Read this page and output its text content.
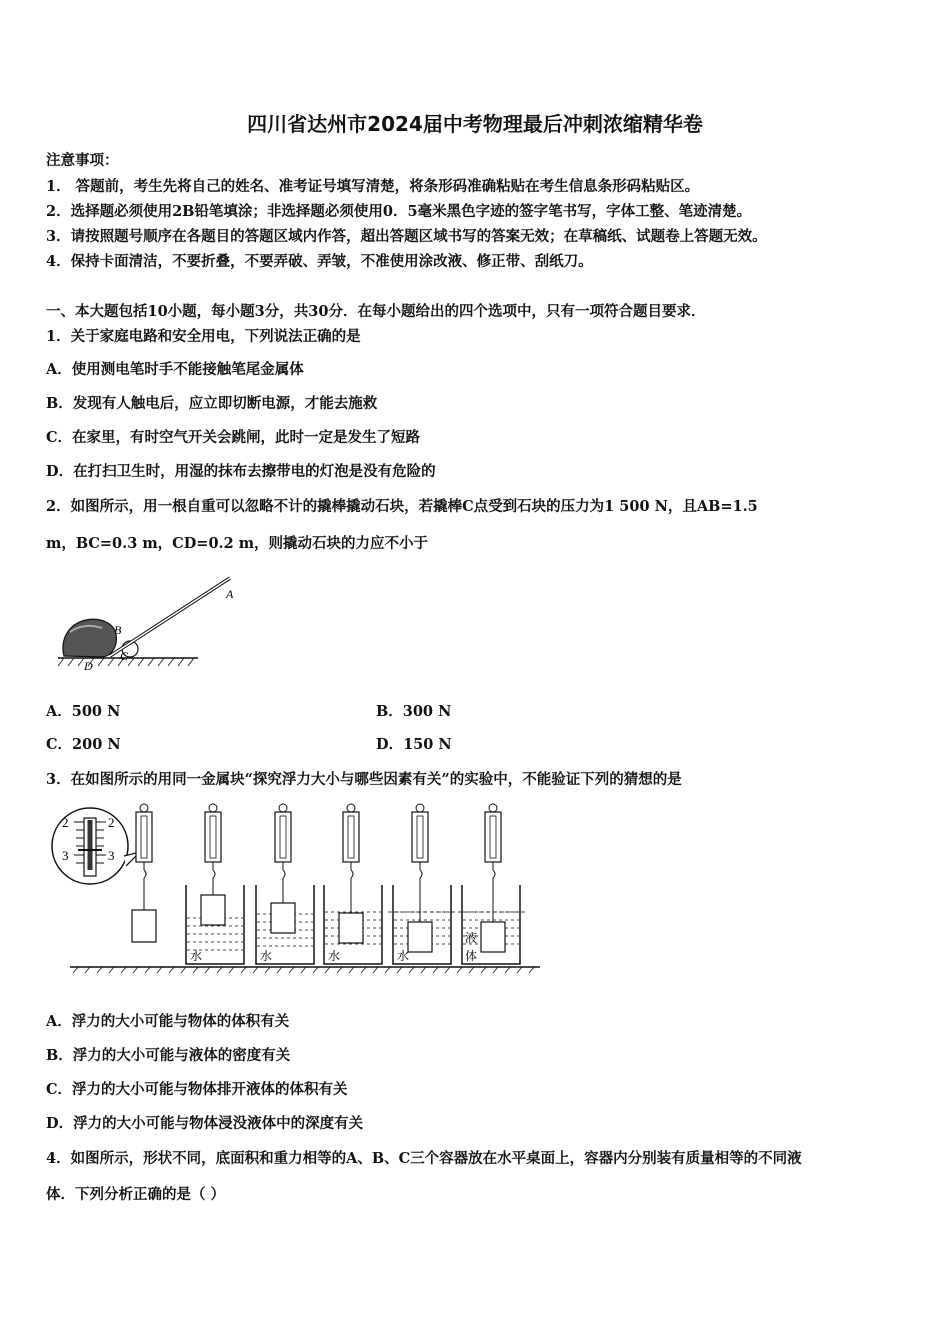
四川省达州市2024届中考物理最后冲刺浓缩精华卷
注意事项：
1． 答题前，考生先将自己的姓名、准考证号填写清楚，将条形码准确粘贴在考生信息条形码粘贴区。
2．选择题必须使用2B铅笔填涂；非选择题必须使用0．5毫米黑色字迹的签字笔书写，字体工整、笔迹清楚。
3．请按照题号顺序在各题目的答题区域内作答，超出答题区域书写的答案无效；在草稿纸、试题卷上答题无效。
4．保持卡面清洁，不要折叠，不要弄破、弄皱，不准使用涂改液、修正带、刮纸刀。
一、本大题包括10小题，每小题3分，共30分．在每小题给出的四个选项中，只有一项符合题目要求．
1．关于家庭电路和安全用电，下列说法正确的是
A．使用测电笔时手不能接触笔尾金属体
B．发现有人触电后，应立即切断电源，才能去施救
C．在家里，有时空气开关会跳闸，此时一定是发生了短路
D．在打扫卫生时，用湿的抹布去擦带电的灯泡是没有危险的
2．如图所示，用一根自重可以忽略不计的撬棒撬动石块，若撬棒C点受到石块的压力为1 500 N，且AB=1.5
m，BC=0.3 m，CD=0.2 m，则撬动石块的力应不小于
A
B
C
D
A．500 N	B．300 N
C．200 N	D．150 N
3．在如图所示的用同一金属块“探究浮力大小与哪些因素有关”的实验中，不能验证下列的猜想的是
2	2
3	3
水	水	水	水
液
体
A．浮力的大小可能与物体的体积有关
B．浮力的大小可能与液体的密度有关
C．浮力的大小可能与物体排开液体的体积有关
D．浮力的大小可能与物体浸没液体中的深度有关
4．如图所示，形状不同，底面积和重力相等的A、B、C三个容器放在水平桌面上，容器内分别装有质量相等的不同液
体．下列分析正确的是（ ）
